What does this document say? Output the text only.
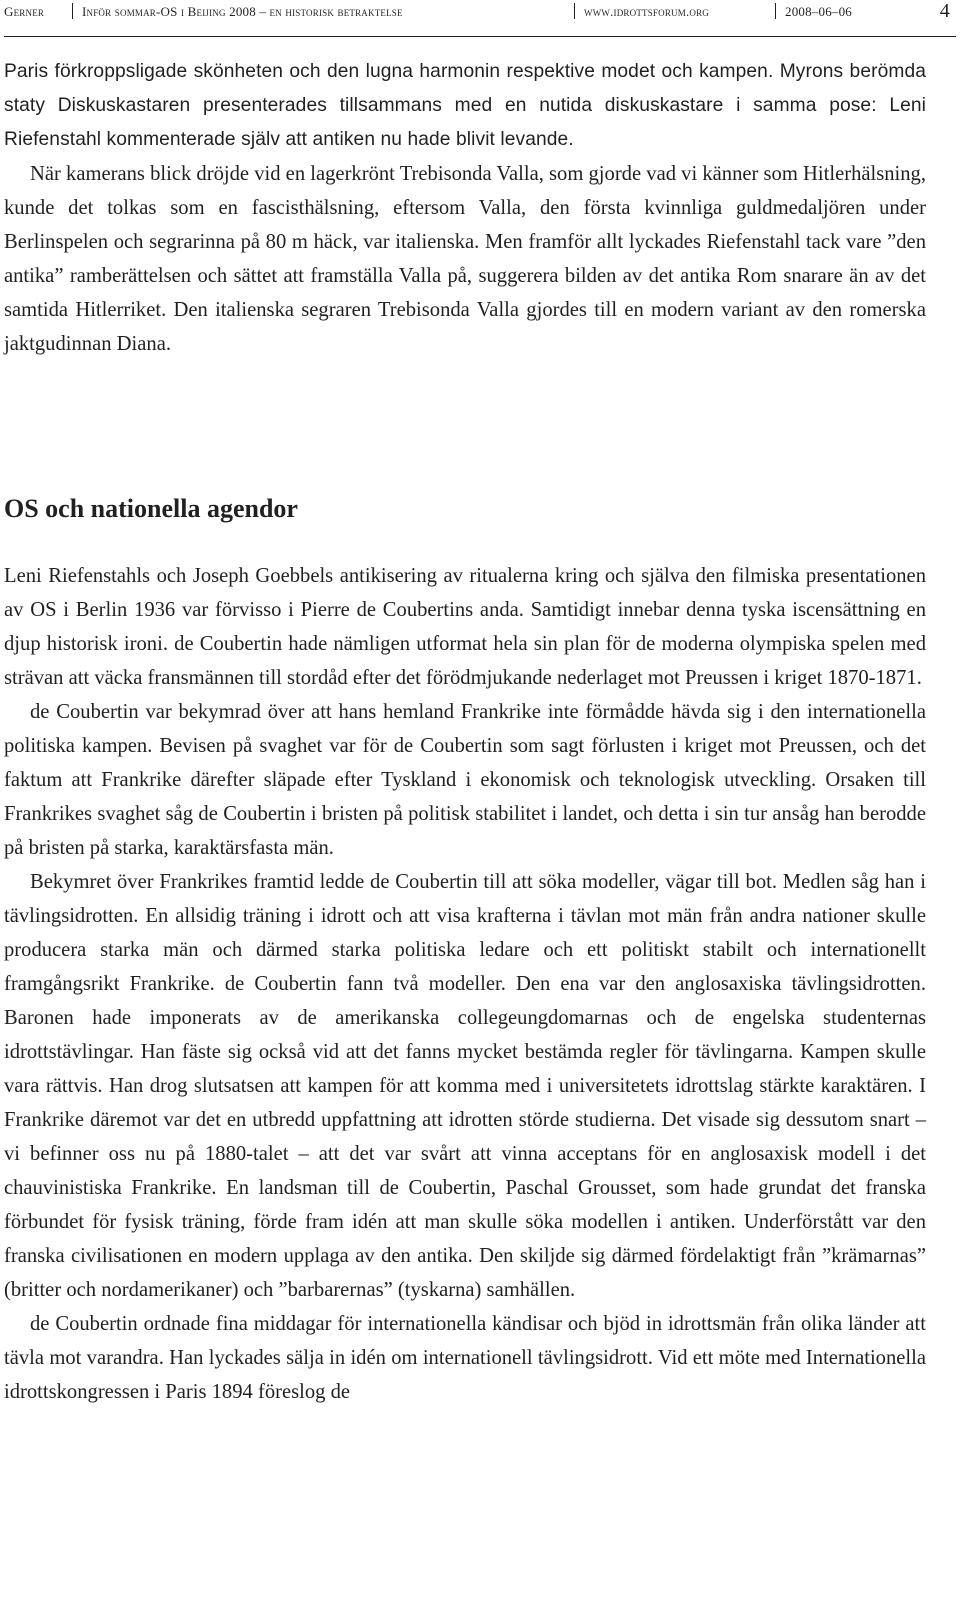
Gerner	Inför sommar-OS i Beijing 2008 – en historisk betraktelse	www.idrottsforum.org	2008–06–06	4

Paris förkroppsligade skönheten och den lugna harmonin respektive modet och kampen. Myrons berömda staty Diskuskastaren presenterades tillsammans med en nutida diskuskastare i samma pose: Leni Riefenstahl kommenterade själv att antiken nu hade blivit levande.

När kamerans blick dröjde vid en lagerkrönt Trebisonda Valla, som gjorde vad vi känner som Hitlerhälsning, kunde det tolkas som en fascisthälsning, eftersom Valla, den första kvinnliga guldmedaljören under Berlinspelen och segrarinna på 80 m häck, var italienska. Men framför allt lyckades Riefenstahl tack vare ”den antika” ramberättelsen och sättet att framställa Valla på, suggerera bilden av det antika Rom snarare än av det samtida Hitlerriket. Den italienska segraren Trebisonda Valla gjordes till en modern variant av den romerska jaktgudinnan Diana.

OS och nationella agendor

Leni Riefenstahls och Joseph Goebbels antikisering av ritualerna kring och själva den filmiska presentationen av OS i Berlin 1936 var förvisso i Pierre de Coubertins anda. Samtidigt innebar denna tyska iscensättning en djup historisk ironi. de Coubertin hade nämligen utformat hela sin plan för de moderna olympiska spelen med strävan att väcka fransmännen till stordåd efter det förödmjukande nederlaget mot Preussen i kriget 1870-1871.

de Coubertin var bekymrad över att hans hemland Frankrike inte förmådde hävda sig i den internationella politiska kampen. Bevisen på svaghet var för de Coubertin som sagt förlusten i kriget mot Preussen, och det faktum att Frankrike därefter släpade efter Tyskland i ekonomisk och teknologisk utveckling. Orsaken till Frankrikes svaghet såg de Coubertin i bristen på politisk stabilitet i landet, och detta i sin tur ansåg han berodde på bristen på starka, karaktärsfasta män.

Bekymret över Frankrikes framtid ledde de Coubertin till att söka modeller, vägar till bot. Medlen såg han i tävlingsidrotten. En allsidig träning i idrott och att visa krafterna i tävlan mot män från andra nationer skulle producera starka män och därmed starka politiska ledare och ett politiskt stabilt och internationellt framgångsrikt Frankrike. de Coubertin fann två modeller. Den ena var den anglosaxiska tävlingsidrotten. Baronen hade imponerats av de amerikanska collegeungdomarnas och de engelska studenternas idrottstävlingar. Han fäste sig också vid att det fanns mycket bestämda regler för tävlingarna. Kampen skulle vara rättvis. Han drog slutsatsen att kampen för att komma med i universitetets idrottslag stärkte karaktären. I Frankrike däremot var det en utbredd uppfattning att idrotten störde studierna. Det visade sig dessutom snart – vi befinner oss nu på 1880-talet – att det var svårt att vinna acceptans för en anglosaxisk modell i det chauvinistiska Frankrike. En landsman till de Coubertin, Paschal Grousset, som hade grundat det franska förbundet för fysisk träning, förde fram idén att man skulle söka modellen i antiken. Underförstått var den franska civilisationen en modern upplaga av den antika. Den skiljde sig därmed fördelaktigt från ”krämarnas” (britter och nordamerikaner) och ”barbarernas” (tyskarna) samhällen.

de Coubertin ordnade fina middagar för internationella kändisar och bjöd in idrottsmän från olika länder att tävla mot varandra. Han lyckades sälja in idén om internationell tävlingsidrott. Vid ett möte med Internationella idrottskongressen i Paris 1894 föreslog de
